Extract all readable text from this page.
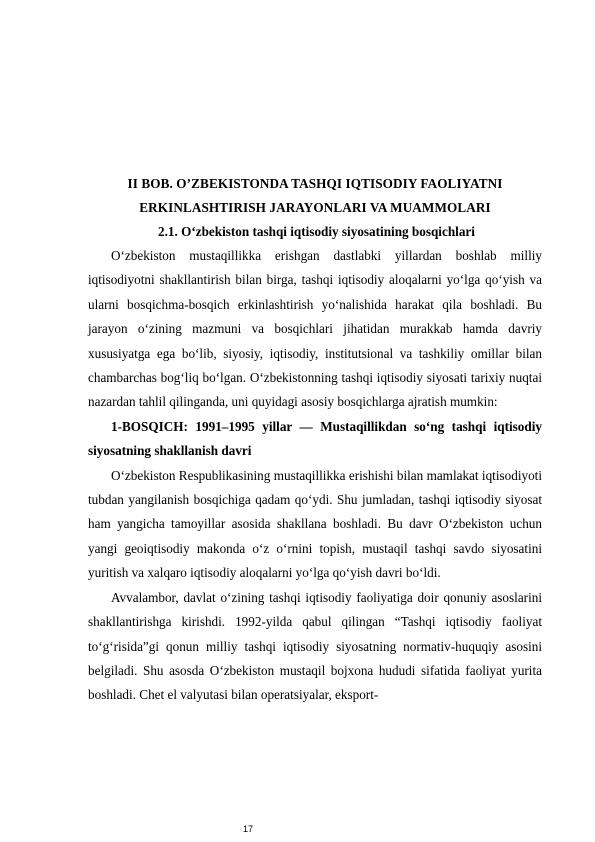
II BOB. O’ZBEKISTONDA TASHQI IQTISODIY FAOLIYATNI
ERKINLASHTIRISH JARAYONLARI VA MUAMMOLARI
2.1. O‘zbekiston tashqi iqtisodiy siyosatining bosqichlari

O‘zbekiston mustaqillikka erishgan dastlabki yillardan boshlab milliy iqtisodiyotni shakllantirish bilan birga, tashqi iqtisodiy aloqalarni yo‘lga qo‘yish va ularni bosqichma-bosqich erkinlashtirish yo‘nalishida harakat qila boshladi. Bu jarayon o‘zining mazmuni va bosqichlari jihatidan murakkab hamda davriy xususiyatga ega bo‘lib, siyosiy, iqtisodiy, institutsional va tashkiliy omillar bilan chambarchas bog‘liq bo‘lgan. O‘zbekistonning tashqi iqtisodiy siyosati tarixiy nuqtai nazardan tahlil qilinganda, uni quyidagi asosiy bosqichlarga ajratish mumkin:

1-BOSQICH: 1991–1995 yillar — Mustaqillikdan so‘ng tashqi iqtisodiy siyosatning shakllanish davri

O‘zbekiston Respublikasining mustaqillikka erishishi bilan mamlakat iqtisodiyoti tubdan yangilanish bosqichiga qadam qo‘ydi. Shu jumladan, tashqi iqtisodiy siyosat ham yangicha tamoyillar asosida shakllana boshladi. Bu davr O‘zbekiston uchun yangi geoiqtisodiy makonda o‘z o‘rnini topish, mustaqil tashqi savdo siyosatini yuritish va xalqaro iqtisodiy aloqalarni yo‘lga qo‘yish davri bo‘ldi.

Avvalambor, davlat o‘zining tashqi iqtisodiy faoliyatiga doir qonuniy asoslarini shakllantirishga kirishdi. 1992-yilda qabul qilingan “Tashqi iqtisodiy faoliyat to‘g‘risida”gi qonun milliy tashqi iqtisodiy siyosatning normativ-huquqiy asosini belgiladi. Shu asosda O‘zbekiston mustaqil bojxona hududi sifatida faoliyat yurita boshladi. Chet el valyutasi bilan operatsiyalar, eksport-

17
